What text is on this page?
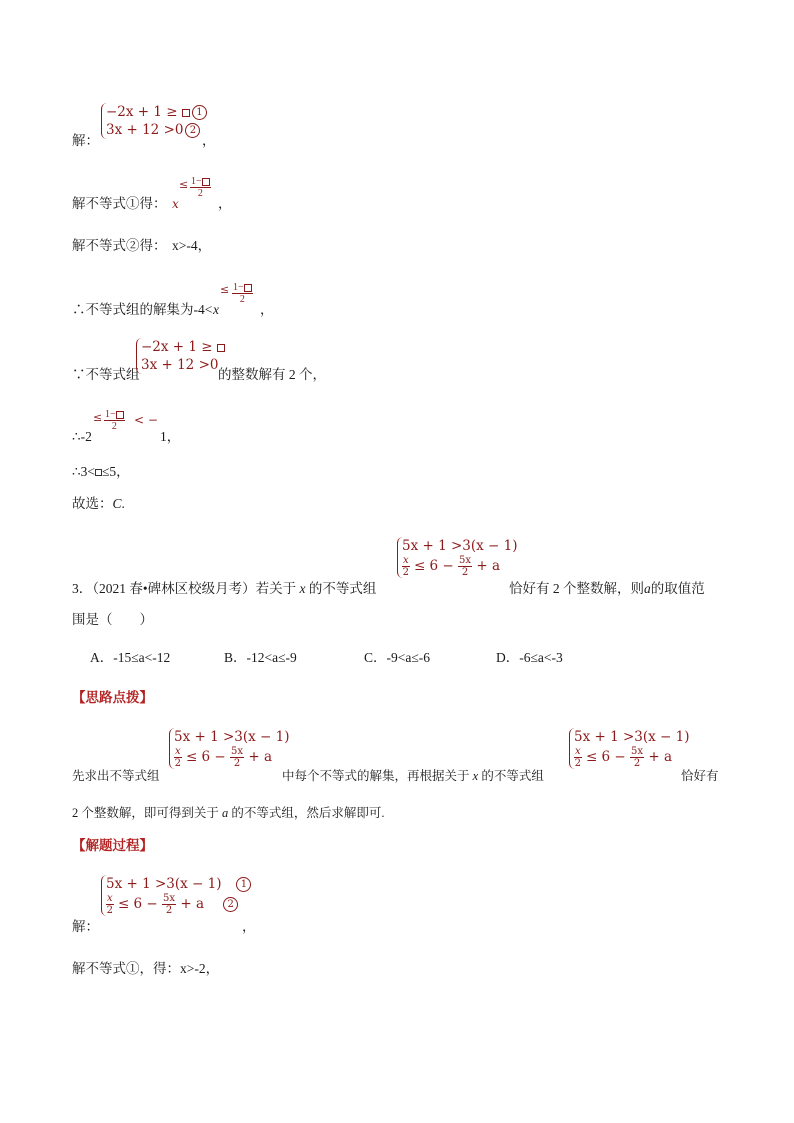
解：
−2x + 1 ≥ 1
3x + 12 >0 2
，
解不等式①得： x
≤ $\frac{1-}{2}$
，
解不等式②得： x>-4，
∴不等式组的解集为-4< x
≤ $\frac{1-}{2}$
，
∵不等式组
−2x + 1 ≥
3x + 12 >0
的整数解有 2 个，
∴-2
≤ $\frac{1-}{2}$ < −
1，
∴3< ≤5，
故选：C.
3．（2021 春•碑林区校级月考）若关于 x 的不等式组
5x + 1 >3(x − 1)
$\frac{x}{2} \le 6 - \frac{5x}{2} + a$
恰好有 2 个整数解，则a的取值范
围是（　　）
A．-15≤a<-12	B．-12<a≤-9	C．-9<a≤-6	D．-6≤a<-3
【思路点拨】
先求出不等式组
5x + 1 >3(x − 1)
$\frac{x}{2} \le 6 - \frac{5x}{2} + a$
中每个不等式的解集，再根据关于 x 的不等式组
5x + 1 >3(x − 1)
$\frac{x}{2} \le 6 - \frac{5x}{2} + a$
恰好有
2 个整数解，即可得到关于 a 的不等式组，然后求解即可.
【解题过程】
解：
5x + 1 >3(x − 1) 1
$\frac{x}{2} \le 6 - \frac{5x}{2} + a$ 2
，
解不等式①，得：x>-2，
